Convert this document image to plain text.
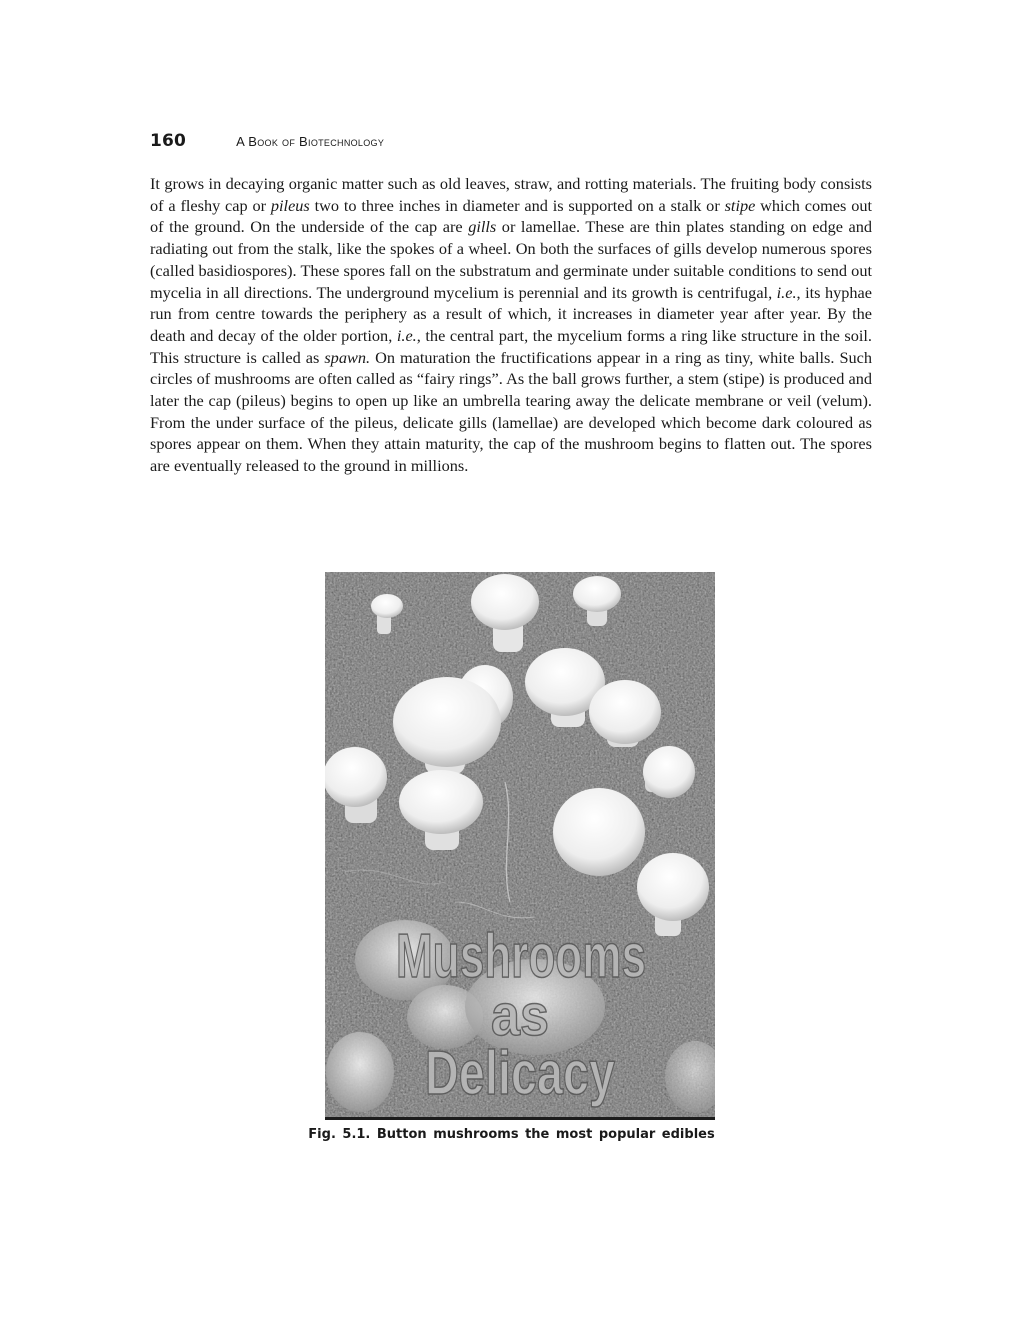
160	A Book of Biotechnology

It grows in decaying organic matter such as old leaves, straw, and rotting materials. The fruiting body consists of a fleshy cap or pileus two to three inches in diameter and is supported on a stalk or stipe which comes out of the ground. On the underside of the cap are gills or lamellae. These are thin plates standing on edge and radiating out from the stalk, like the spokes of a wheel. On both the surfaces of gills develop numerous spores (called basidiospores). These spores fall on the substratum and germinate under suitable conditions to send out mycelia in all directions. The underground mycelium is perennial and its growth is centrifugal, i.e., its hyphae run from centre towards the periphery as a result of which, it increases in diameter year after year. By the death and decay of the older portion, i.e., the central part, the mycelium forms a ring like structure in the soil. This structure is called as spawn. On maturation the fructifications appear in a ring as tiny, white balls. Such circles of mushrooms are often called as “fairy rings”. As the ball grows further, a stem (stipe) is produced and later the cap (pileus) begins to open up like an umbrella tearing away the delicate membrane or veil (velum). From the under surface of the pileus, delicate gills (lamellae) are developed which become dark coloured as spores appear on them. When they attain maturity, the cap of the mushroom begins to flatten out. The spores are eventually released to the ground in millions.

Mushrooms
as
Delicacy
Fig. 5.1. Button mushrooms the most popular edibles
